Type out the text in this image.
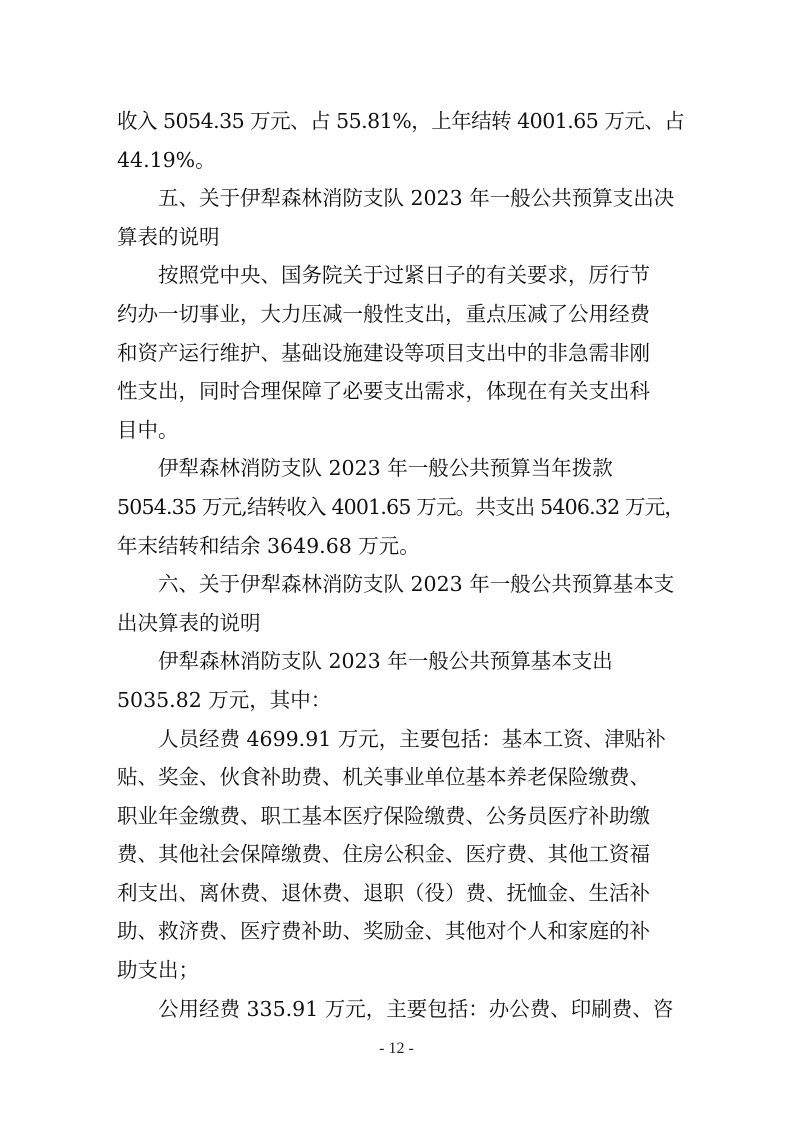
收入 5054.35 万元、占 55.81%，上年结转 4001.65 万元、占
44.19%。

五、关于伊犁森林消防支队 2023 年一般公共预算支出决
算表的说明

按照党中央、国务院关于过紧日子的有关要求，厉行节
约办一切事业，大力压减一般性支出，重点压减了公用经费
和资产运行维护、基础设施建设等项目支出中的非急需非刚
性支出，同时合理保障了必要支出需求，体现在有关支出科
目中。

伊犁森林消防支队 2023 年一般公共预算当年拨款
5054.35 万元,结转收入 4001.65 万元。共支出 5406.32 万元，
年末结转和结余 3649.68 万元。

六、关于伊犁森林消防支队 2023 年一般公共预算基本支
出决算表的说明

伊犁森林消防支队 2023 年一般公共预算基本支出
5035.82 万元，其中：

人员经费 4699.91 万元，主要包括：基本工资、津贴补
贴、奖金、伙食补助费、机关事业单位基本养老保险缴费、
职业年金缴费、职工基本医疗保险缴费、公务员医疗补助缴
费、其他社会保障缴费、住房公积金、医疗费、其他工资福
利支出、离休费、退休费、退职（役）费、抚恤金、生活补
助、救济费、医疗费补助、奖励金、其他对个人和家庭的补
助支出；

公用经费 335.91 万元，主要包括：办公费、印刷费、咨

- 12 -
